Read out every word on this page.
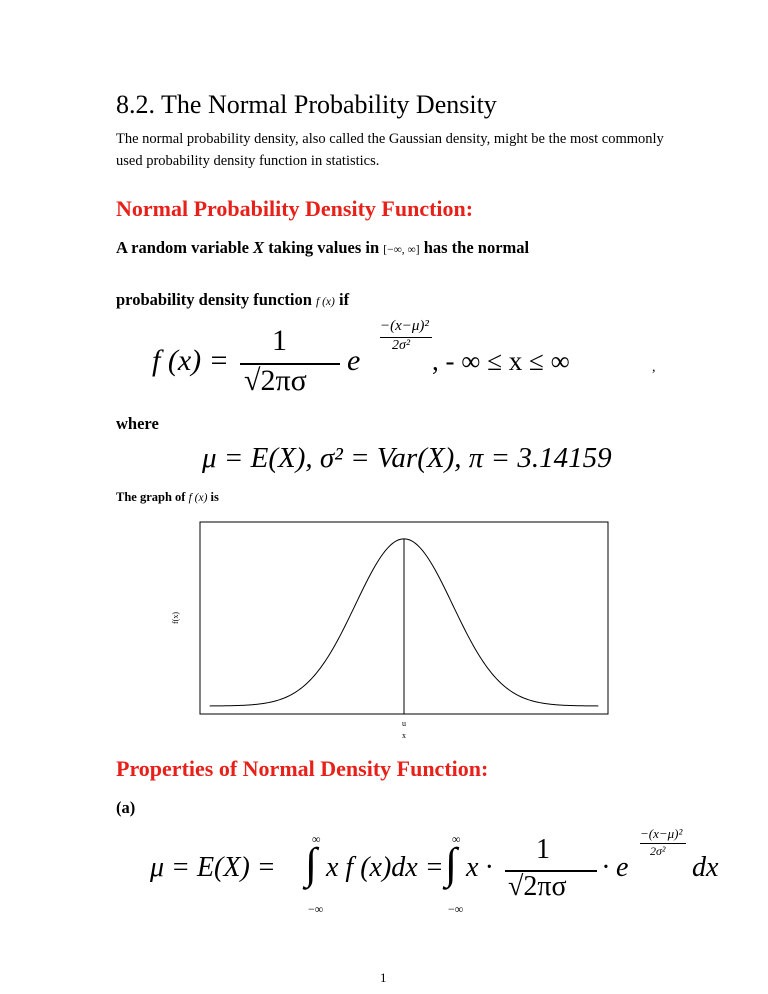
8.2. The Normal Probability Density
The normal probability density, also called the Gaussian density, might be the most commonly used probability density function in statistics.
Normal Probability Density Function:
A random variable X taking values in [−∞, ∞] has the normal
probability density function f (x) if
f (x) =
1
√2πσ
e
−(x−μ)²
2σ²
, - ∞ ≤ x ≤ ∞	,
where
μ = E(X), σ² = Var(X), π = 3.14159
The graph of f (x) is
f(x)
u
x
Properties of Normal Density Function:
(a)
μ = E(X) =
∞
∫
−∞
x f (x)dx =
∞
∫
−∞
x ·
1
√2πσ
· e
−(x−μ)²
2σ²
dx
1
